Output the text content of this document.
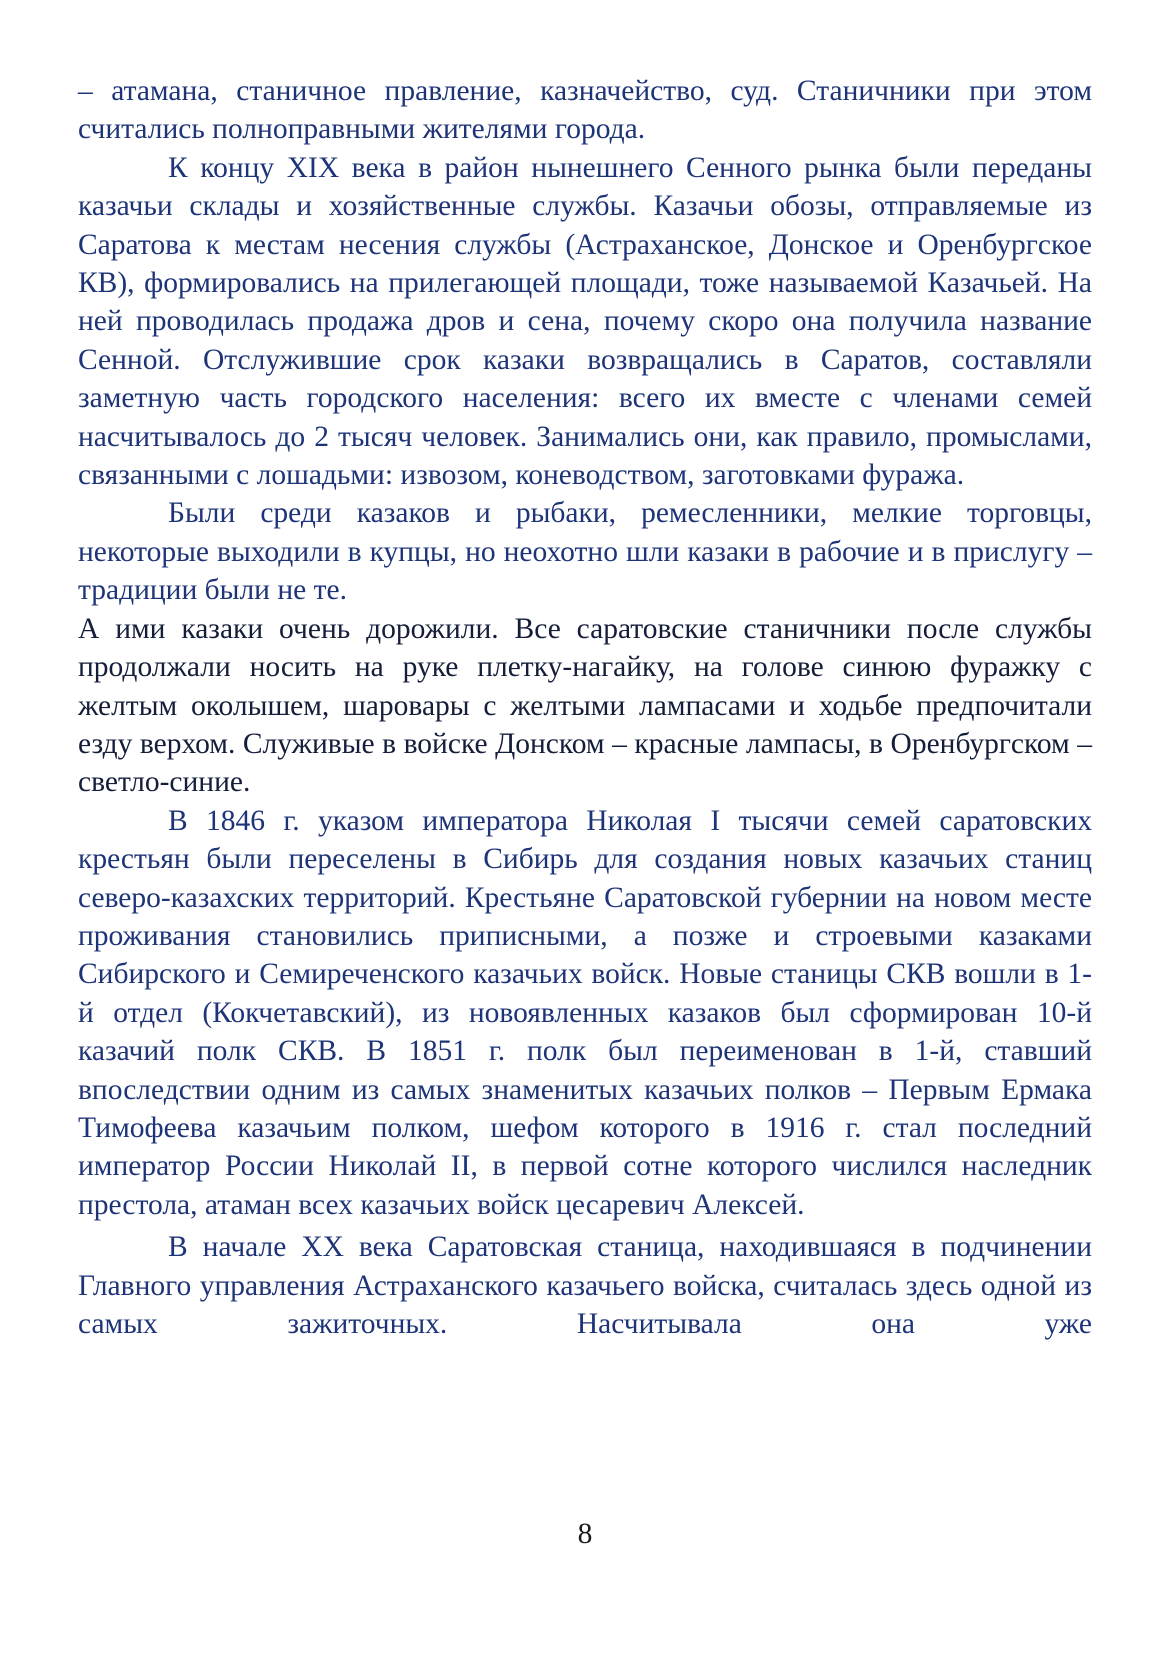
– атамана, станичное правление, казначейство, суд. Станичники при этом считались полноправными жителями города.

К концу XIX века в район нынешнего Сенного рынка были переданы казачьи склады и хозяйственные службы. Казачьи обозы, отправляемые из Саратова к местам несения службы (Астраханское, Донское и Оренбургское КВ), формировались на прилегающей площади, тоже называемой Казачьей. На ней проводилась продажа дров и сена, почему скоро она получила название Сенной. Отслужившие срок казаки возвращались в Саратов, составляли заметную часть городского населения: всего их вместе с членами семей насчитывалось до 2 тысяч человек. Занимались они, как правило, промыслами, связанными с лошадьми: извозом, коневодством, заготовками фуража.

Были среди казаков и рыбаки, ремесленники, мелкие торговцы, некоторые выходили в купцы, но неохотно шли казаки в рабочие и в прислугу – традиции были не те.

А ими казаки очень дорожили. Все саратовские станичники после службы продолжали носить на руке плетку-нагайку, на голове синюю фуражку с желтым околышем, шаровары с желтыми лампасами и ходьбе предпочитали езду верхом. Служивые в войске Донском – красные лампасы, в Оренбургском – светло-синие.

В 1846 г. указом императора Николая I тысячи семей саратовских крестьян были переселены в Сибирь для создания новых казачьих станиц северо-казахских территорий. Крестьяне Саратовской губернии на новом месте проживания становились приписными, а позже и строевыми казаками Сибирского и Семиреченского казачьих войск. Новые станицы СКВ вошли в 1-й отдел (Кокчетавский), из новоявленных казаков был сформирован 10-й казачий полк СКВ. В 1851 г. полк был переименован в 1-й, ставший впоследствии одним из самых знаменитых казачьих полков – Первым Ермака Тимофеева казачьим полком, шефом которого в 1916 г. стал последний император России Николай II, в первой сотне которого числился наследник престола, атаман всех казачьих войск цесаревич Алексей.

В начале XX века Саратовская станица, находившаяся в подчинении Главного управления Астраханского казачьего войска, считалась здесь одной из самых зажиточных. Насчитывала она уже

8
